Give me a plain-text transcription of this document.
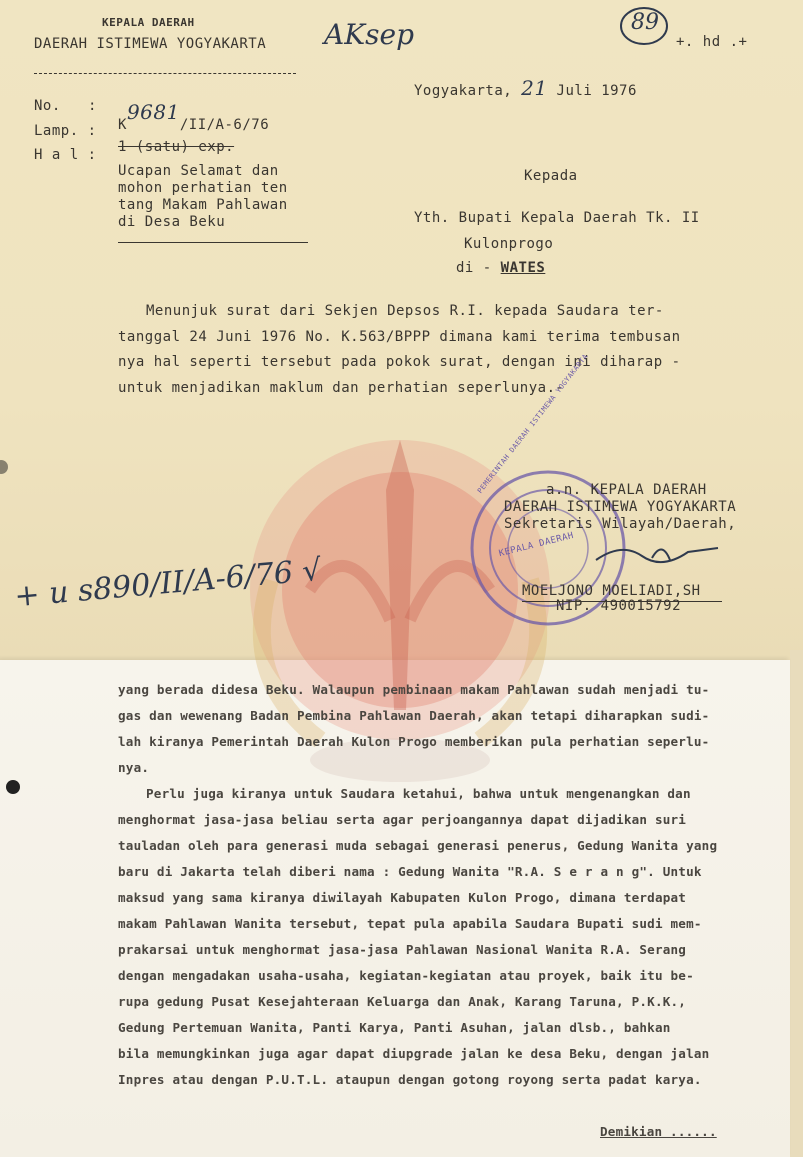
KEPALA DAERAH
DAERAH ISTIMEWA YOGYAKARTA AKsep	89
+. hd .+
Yogyakarta, 21 Juli 1976
No. :
K9681/II/A-6/76
Lamp. :
1 (satu) exp.
H a l :
Ucapan Selamat dan
mohon perhatian ten
tang Makam Pahlawan
di Desa Beku
Kepada
Yth. Bupati Kepala Daerah Tk. II
Kulonprogo
di - WATES
Menunjuk surat dari Sekjen Depsos R.I. kepada Saudara ter-
tanggal 24 Juni 1976 No. K.563/BPPP dimana kami terima tembusan
nya hal seperti tersebut pada pokok surat, dengan ini diharap -
untuk menjadikan maklum dan perhatian seperlunya.-
KEPALA DAERAH
PEMERINTAH DAERAH ISTIMEWA YOGYAKARTA
a.n. KEPALA DAERAH
DAERAH ISTIMEWA YOGYAKARTA
Sekretaris Wilayah/Daerah,
MOELJONO MOELIADI,SH
NIP. 490015792
+ u s890/II/A-6/76 √
yang berada didesa Beku. Walaupun pembinaan makam Pahlawan sudah menjadi tu-
gas dan wewenang Badan Pembina Pahlawan Daerah, akan tetapi diharapkan sudi-
lah kiranya Pemerintah Daerah Kulon Progo memberikan pula perhatian seperlu-
nya.
Perlu juga kiranya untuk Saudara ketahui, bahwa untuk mengenangkan dan
menghormat jasa-jasa beliau serta agar perjoangannya dapat dijadikan suri
tauladan oleh para generasi muda sebagai generasi penerus, Gedung Wanita yang
baru di Jakarta telah diberi nama : Gedung Wanita "R.A. S e r a n g". Untuk
maksud yang sama kiranya diwilayah Kabupaten Kulon Progo, dimana terdapat
makam Pahlawan Wanita tersebut, tepat pula apabila Saudara Bupati sudi mem-
prakarsai untuk menghormat jasa-jasa Pahlawan Nasional Wanita R.A. Serang
dengan mengadakan usaha-usaha, kegiatan-kegiatan atau proyek, baik itu be-
rupa gedung Pusat Kesejahteraan Keluarga dan Anak, Karang Taruna, P.K.K.,
Gedung Pertemuan Wanita, Panti Karya, Panti Asuhan, jalan dlsb., bahkan
bila memungkinkan juga agar dapat diupgrade jalan ke desa Beku, dengan jalan
Inpres atau dengan P.U.T.L. ataupun dengan gotong royong serta padat karya.
Demikian ......
